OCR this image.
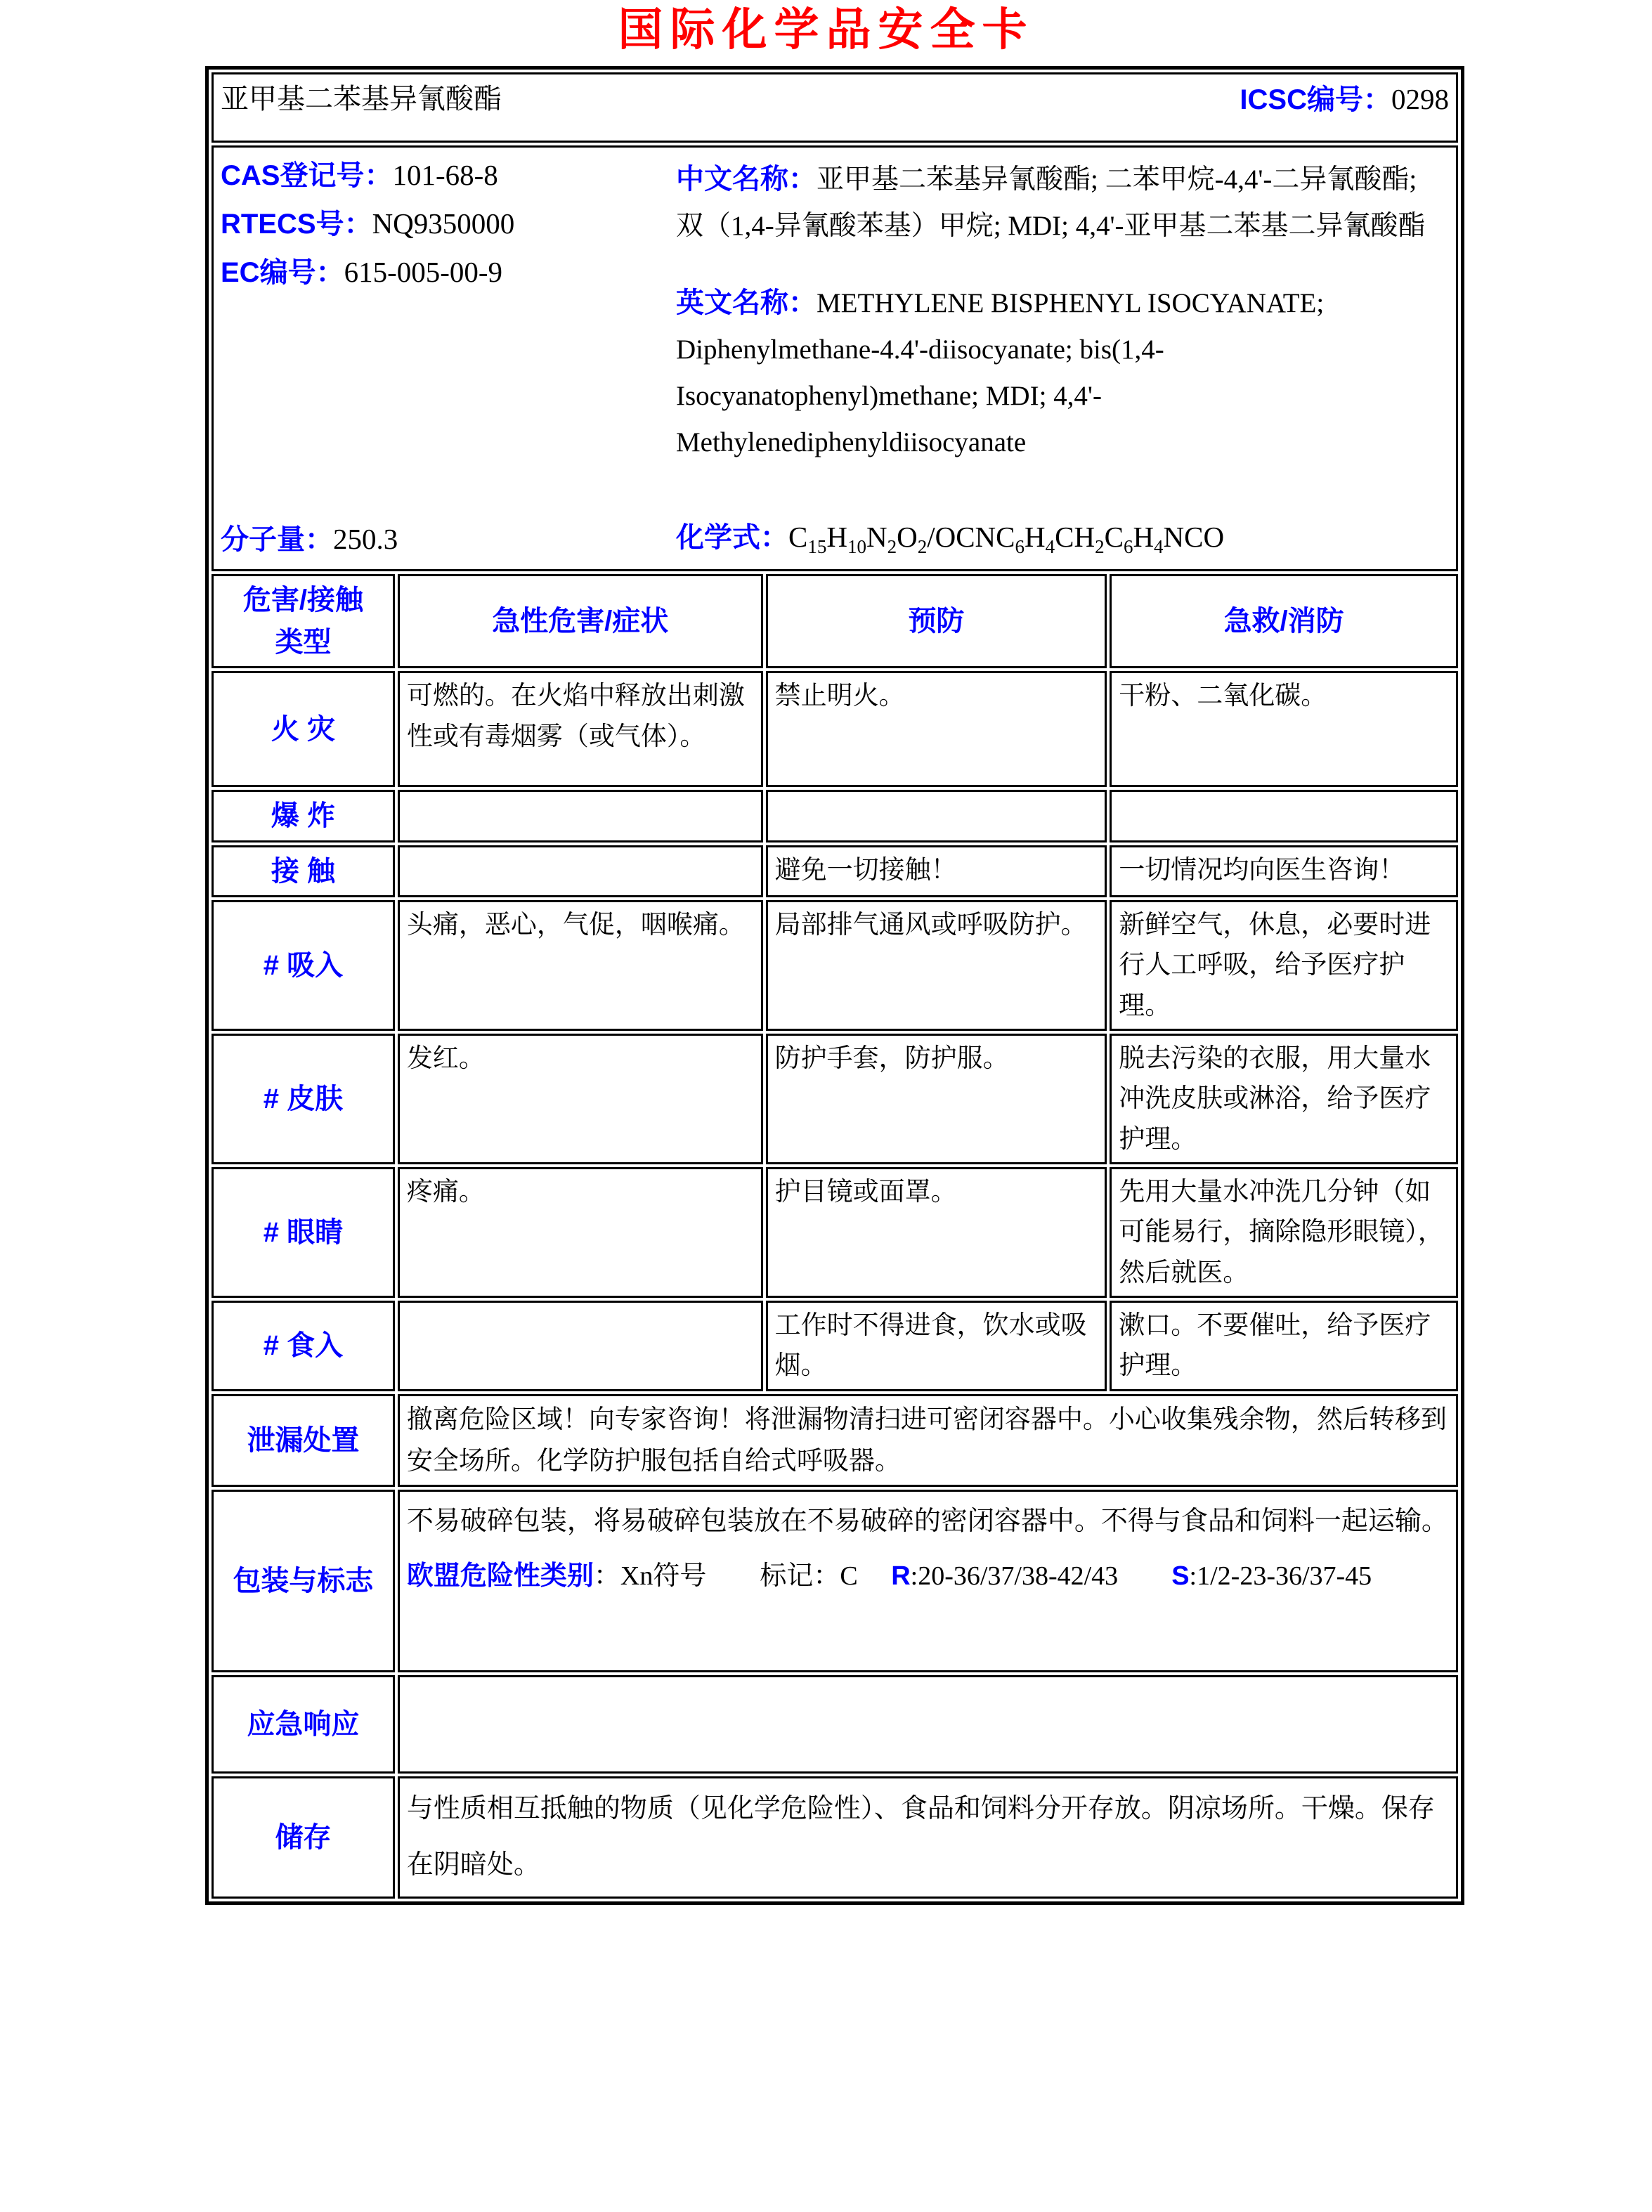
国际化学品安全卡
亚甲基二苯基异氰酸酯 ICSC编号：0298			

CAS登记号：101-68-8
RTECS号：NQ9350000
EC编号：615-005-00-9
分子量：250.3

中文名称：亚甲基二苯基异氰酸酯; 二苯甲烷-4,4'-二异氰酸酯; 双（1,4-异氰酸苯基）甲烷; MDI; 4,4'-亚甲基二苯基二异氰酸酯

英文名称：METHYLENE BISPHENYL ISOCYANATE; Diphenylmethane-4.4'-diisocyanate; bis(1,4-Isocyanatophenyl)methane; MDI; 4,4'-Methylenediphenyldiisocyanate

化学式：$C_{15}H_{10}N_2O_2/OCNC_6H_4CH_2C_6H_4NCO$

危害/接触
类型	急性危害/症状	预防	急救/消防
火 灾	可燃的。在火焰中释放出刺激性或有毒烟雾（或气体）。	禁止明火。	干粉、二氧化碳。
爆 炸			
接 触		避免一切接触！	一切情况均向医生咨询！
# 吸入	头痛，恶心，气促，咽喉痛。	局部排气通风或呼吸防护。	新鲜空气，休息，必要时进行人工呼吸，给予医疗护理。
# 皮肤	发红。	防护手套，防护服。	脱去污染的衣服，用大量水冲洗皮肤或淋浴，给予医疗护理。
# 眼睛	疼痛。	护目镜或面罩。	先用大量水冲洗几分钟（如可能易行，摘除隐形眼镜），然后就医。
# 食入		工作时不得进食，饮水或吸烟。	漱口。不要催吐，给予医疗护理。
泄漏处置	撤离危险区域！向专家咨询！将泄漏物清扫进可密闭容器中。小心收集残余物，然后转移到安全场所。化学防护服包括自给式呼吸器。		
包装与标志	不易破碎包装，将易破碎包装放在不易破碎的密闭容器中。不得与食品和饲料一起运输。

欧盟危险性类别：Xn符号　　标记：C　 R:20-36/37/38-42/43　　S:1/2-23-36/37-45		

应急响应			
储存	与性质相互抵触的物质（见化学危险性）、食品和饲料分开存放。阴凉场所。干燥。保存在阴暗处。		
